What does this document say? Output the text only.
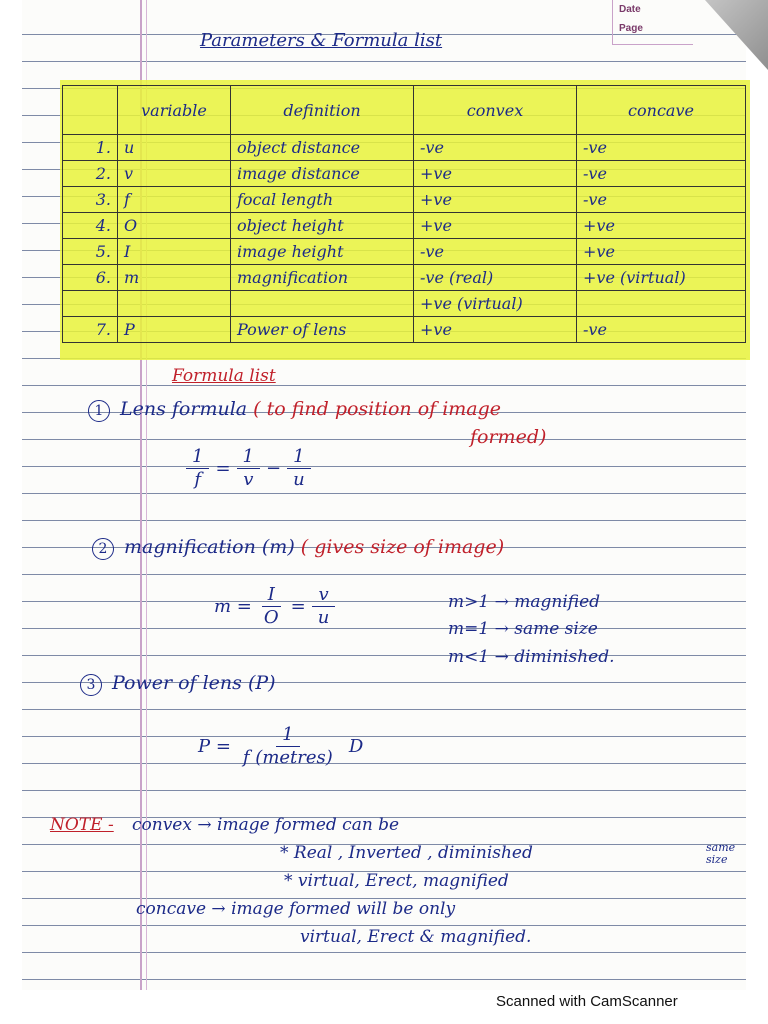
Date
Page
Parameters & Formula list
	variable	definition	convex	concave
1.	u	object distance	-ve	-ve
2.	v	image distance	+ve	-ve
3.	f	focal length	+ve	-ve
4.	O	object height	+ve	+ve
5.	I	image height	-ve	+ve
6.	m	magnification	-ve (real)	+ve (virtual)
			+ve (virtual)	
7.	P	Power of lens	+ve	-ve
Formula list
1 Lens formula ( to find position of image
formed)
$\frac{1}{f} = \frac{1}{v} - \frac{1}{u}$
2 magnification (m) ( gives size of image)
$m = \frac{I}{O} = \frac{v}{u}$	m>1 → magnified
m=1 → same size
m<1 → diminished.
3 Power of lens (P)
P =
1
f (metres)
D
NOTE - convex → image formed can be
* Real , Inverted , diminished	same
size
* virtual, Erect, magnified
concave → image formed will be only
virtual, Erect & magnified.
Scanned with CamScanner
